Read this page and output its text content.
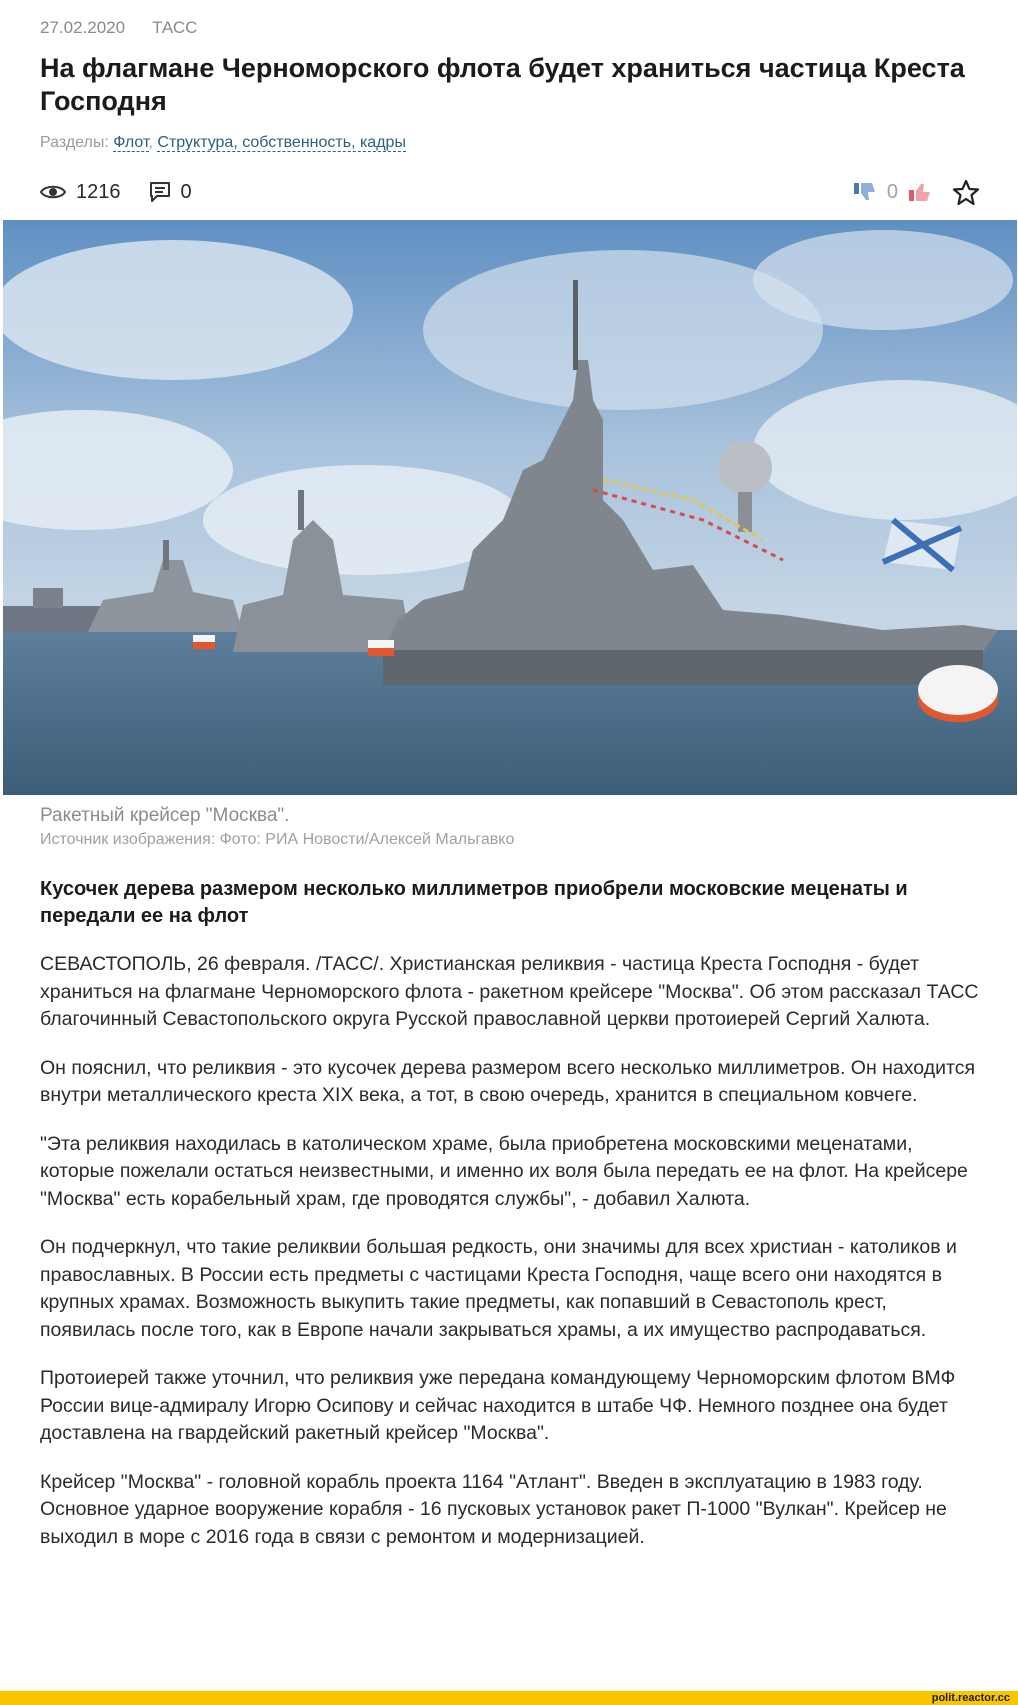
27.02.2020 ТАСС
На флагмане Черноморского флота будет храниться частица Креста Господня
Разделы: Флот, Структура, собственность, кадры
1216	0	0
Ракетный крейсер "Москва".
Источник изображения: Фото: РИА Новости/Алексей Мальгавко

Кусочек дерева размером несколько миллиметров приобрели московские меценаты и передали ее на флот

СЕВАСТОПОЛЬ, 26 февраля. /ТАСС/. Христианская реликвия - частица Креста Господня - будет храниться на флагмане Черноморского флота - ракетном крейсере "Москва". Об этом рассказал ТАСС благочинный Севастопольского округа Русской православной церкви протоиерей Сергий Халюта.

Он пояснил, что реликвия - это кусочек дерева размером всего несколько миллиметров. Он находится внутри металлического креста XIX века, а тот, в свою очередь, хранится в специальном ковчеге.

"Эта реликвия находилась в католическом храме, была приобретена московскими меценатами, которые пожелали остаться неизвестными, и именно их воля была передать ее на флот. На крейсере "Москва" есть корабельный храм, где проводятся службы", - добавил Халюта.

Он подчеркнул, что такие реликвии большая редкость, они значимы для всех христиан - католиков и православных. В России есть предметы с частицами Креста Господня, чаще всего они находятся в крупных храмах. Возможность выкупить такие предметы, как попавший в Севастополь крест, появилась после того, как в Европе начали закрываться храмы, а их имущество распродаваться.

Протоиерей также уточнил, что реликвия уже передана командующему Черноморским флотом ВМФ России вице-адмиралу Игорю Осипову и сейчас находится в штабе ЧФ. Немного позднее она будет доставлена на гвардейский ракетный крейсер "Москва".

Крейсер "Москва" - головной корабль проекта 1164 "Атлант". Введен в эксплуатацию в 1983 году. Основное ударное вооружение корабля - 16 пусковых установок ракет П-1000 "Вулкан". Крейсер не выходил в море с 2016 года в связи с ремонтом и модернизацией.

polit.reactor.cc
